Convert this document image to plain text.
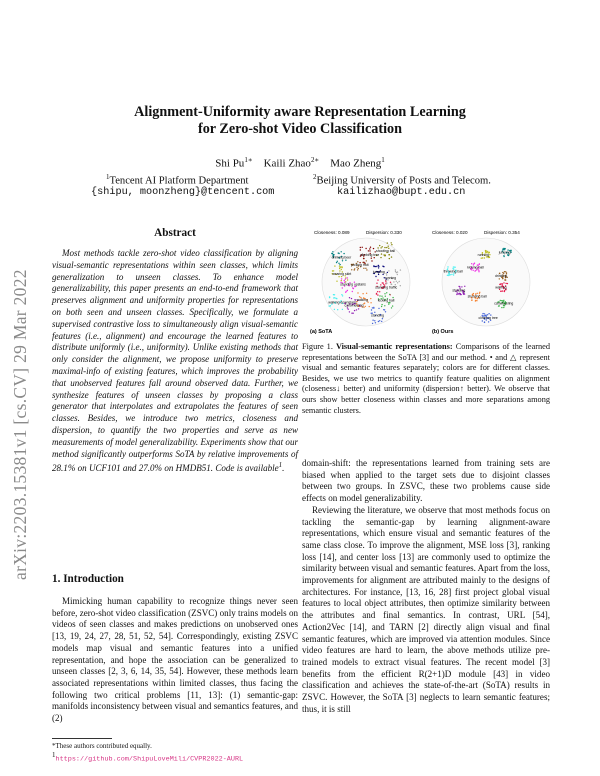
arXiv:2203.15381v1 [cs.CV] 29 Mar 2022
Alignment-Uniformity aware Representation Learning
for Zero-shot Video Classification
Shi $Pu^{1∗}$ Kaili Zhao$^{2∗}$ Mao Zheng$^1$
$^1$Tencent AI Platform Department	$^2$Beijing University of Posts and Telecom.
{shipu, moonzheng}@tencent.com	kailizhao@bupt.edu.cn
Abstract

Most methods tackle zero-shot video classification by aligning visual-semantic representations within seen classes, which limits generalization to unseen classes. To enhance model generalizability, this paper presents an end-to-end framework that preserves alignment and uniformity properties for representations on both seen and unseen classes. Specifically, we formulate a supervised contrastive loss to simultaneously align visual-semantic features (i.e., alignment) and encourage the learned features to distribute uniformly (i.e., uniformity). Unlike existing methods that only consider the alignment, we propose uniformity to preserve maximal-info of existing features, which improves the probability that unobserved features fall around observed data. Further, we synthesize features of unseen classes by proposing a class generator that interpolates and extrapolates the features of seen classes. Besides, we introduce two metrics, closeness and dispersion, to quantify the two properties and serve as new measurements of model generalizability. Experiments show that our method significantly outperforms SoTA by relative improvements of 28.1% on UCF101 and 27.0% on HMDB51. Code is available$^1$.

1. Introduction

Mimicking human capability to recognize things never seen before, zero-shot video classification (ZSVC) only trains models on videos of seen classes and makes predictions on unobserved ones [13, 19, 24, 27, 28, 51, 52, 54]. Correspondingly, existing ZSVC models map visual and semantic features into a unified representation, and hope the association can be generalized to unseen classes [2, 3, 6, 14, 35, 54]. However, these methods learn associated representations within limited classes, thus facing the following two critical problems [11, 13]: (1) semantic-gap: manifolds inconsistency between visual and semantics features, and (2)

*These authors contributed equally.
$^1$https://github.com/ShipuLoveMili/CVPR2022-AURL
Closeness: 0.089	Dispersion: 0.330
standing traffic
kicking ball
standing
walking
cartwheeling
walking downstairs
standing upstairs
wearing skirt
drinking beer
picking fruit
climbing tree
shooting ball
jumping
running
(a) SoTA
Closeness: 0.020	Dispersion: 0.354
walking
cartwheeling
climbing tree
shooting ball
standing
throwing ball
kicking ball
running
jumping
drinking
(b) Ours
Figure 1. Visual-semantic representations: Comparisons of the learned representations between the SoTA [3] and our method. • and △ represent visual and semantic features separately; colors are for different classes. Besides, we use two metrics to quantify feature qualities on alignment (closeness↓ better) and uniformity (dispersion↑ better). We observe that ours show better closeness within classes and more separations among semantic clusters.

domain-shift: the representations learned from training sets are biased when applied to the target sets due to disjoint classes between two groups. In ZSVC, these two problems cause side effects on model generalizability.

Reviewing the literature, we observe that most methods focus on tackling the semantic-gap by learning alignment-aware representations, which ensure visual and semantic features of the same class close. To improve the alignment, MSE loss [3], ranking loss [14], and center loss [13] are commonly used to optimize the similarity between visual and semantic features. Apart from the loss, improvements for alignment are attributed mainly to the designs of architectures. For instance, [13, 16, 28] first project global visual features to local object attributes, then optimize similarity between the attributes and final semantics. In contrast, URL [54], Action2Vec [14], and TARN [2] directly align visual and final semantic features, which are improved via attention modules. Since video features are hard to learn, the above methods utilize pre-trained models to extract visual features. The recent model [3] benefits from the efficient R(2+1)D module [43] in video classification and achieves the state-of-the-art (SoTA) results in ZSVC. However, the SoTA [3] neglects to learn semantic features; thus, it is still
